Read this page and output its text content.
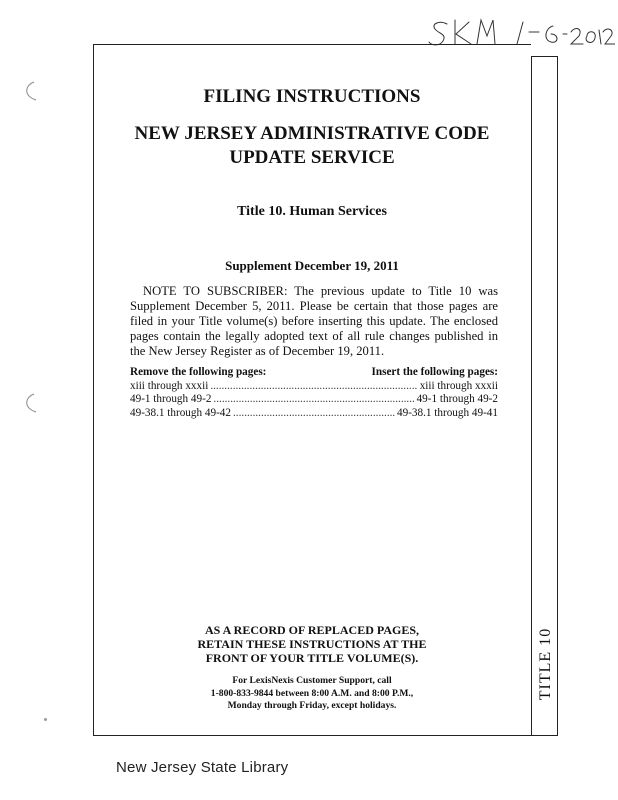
TITLE 10
FILING INSTRUCTIONS
NEW JERSEY ADMINISTRATIVE CODE
UPDATE SERVICE
Title 10. Human Services
Supplement December 19, 2011

NOTE TO SUBSCRIBER: The previous update to Title 10 was Supplement December 5, 2011. Please be certain that those pages are filed in your Title volume(s) before inserting this update. The enclosed pages contain the legally adopted text of all rule changes published in the New Jersey Register as of December 19, 2011.

Remove the following pages:	Insert the following pages:
xiii through xxxii .....	xiii through xxxii
49-1 through 49-2 .....	49-1 through 49-2
49-38.1 through 49-42 .....	49-38.1 through 49-41
AS A RECORD OF REPLACED PAGES,
RETAIN THESE INSTRUCTIONS AT THE
FRONT OF YOUR TITLE VOLUME(S).
For LexisNexis Customer Support, call
1-800-833-9844 between 8:00 A.M. and 8:00 P.M.,
Monday through Friday, except holidays.
New Jersey State Library
